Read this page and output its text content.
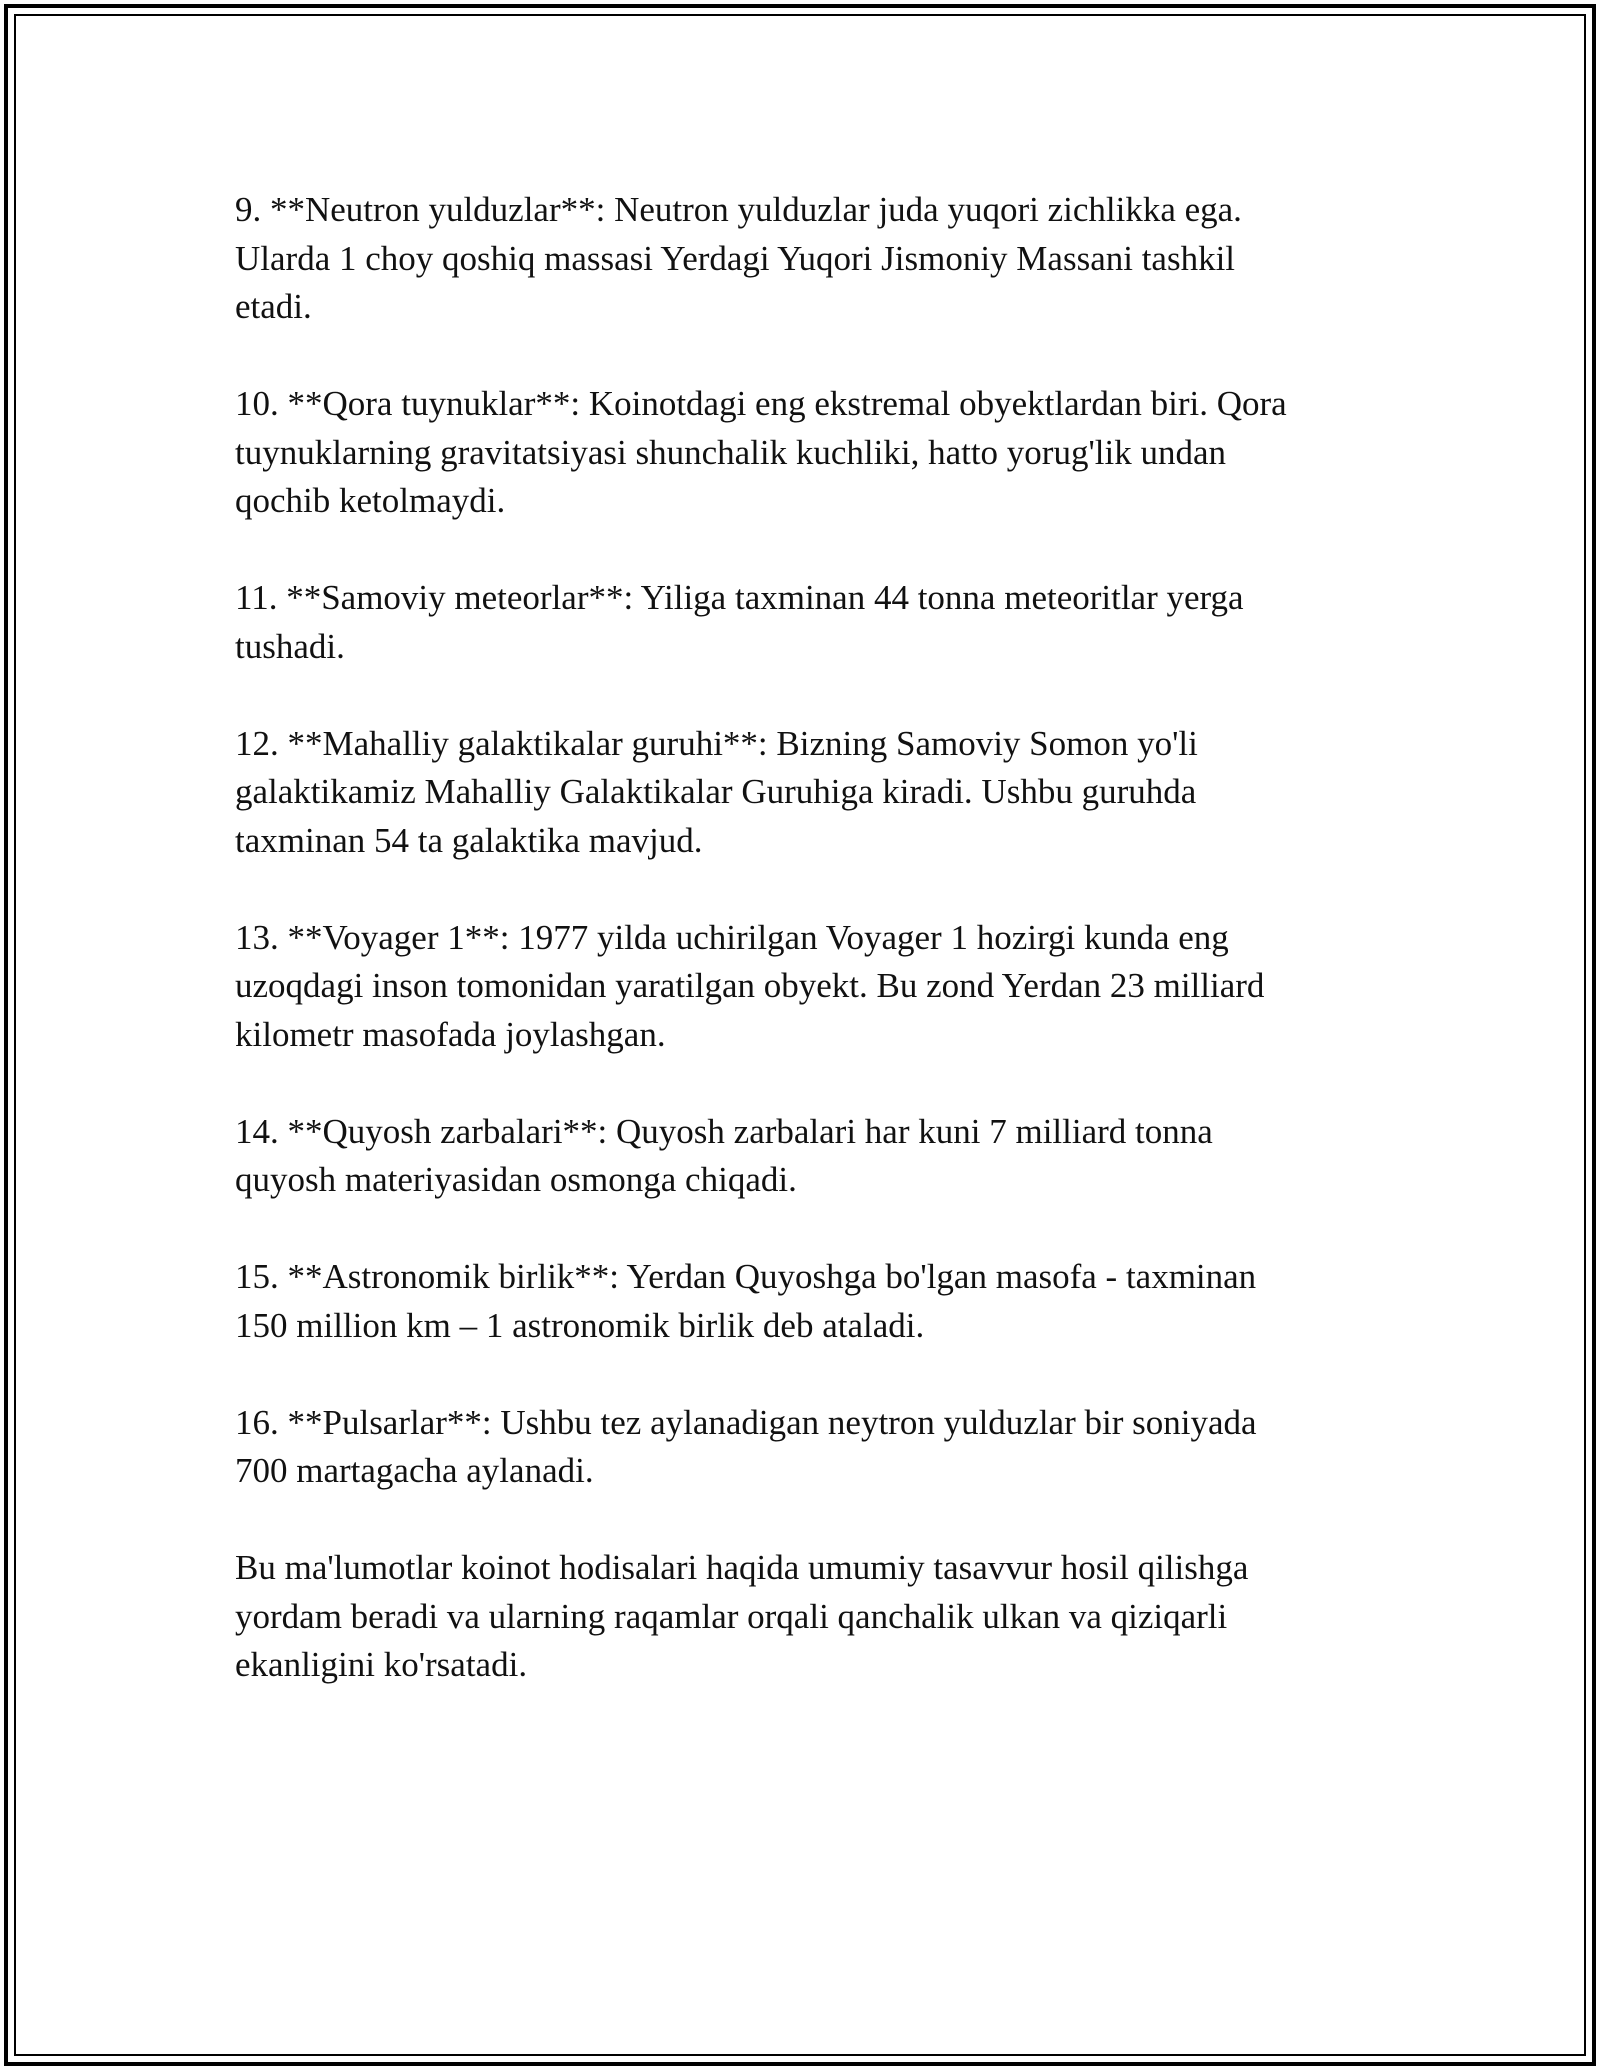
9. **Neutron yulduzlar**: Neutron yulduzlar juda yuqori zichlikka ega.
Ularda 1 choy qoshiq massasi Yerdagi Yuqori Jismoniy Massani tashkil
etadi.

10. **Qora tuynuklar**: Koinotdagi eng ekstremal obyektlardan biri. Qora
tuynuklarning gravitatsiyasi shunchalik kuchliki, hatto yorug'lik undan
qochib ketolmaydi.

11. **Samoviy meteorlar**: Yiliga taxminan 44 tonna meteoritlar yerga
tushadi.

12. **Mahalliy galaktikalar guruhi**: Bizning Samoviy Somon yo'li
galaktikamiz Mahalliy Galaktikalar Guruhiga kiradi. Ushbu guruhda
taxminan 54 ta galaktika mavjud.

13. **Voyager 1**: 1977 yilda uchirilgan Voyager 1 hozirgi kunda eng
uzoqdagi inson tomonidan yaratilgan obyekt. Bu zond Yerdan 23 milliard
kilometr masofada joylashgan.

14. **Quyosh zarbalari**: Quyosh zarbalari har kuni 7 milliard tonna
quyosh materiyasidan osmonga chiqadi.

15. **Astronomik birlik**: Yerdan Quyoshga bo'lgan masofa - taxminan
150 million km – 1 astronomik birlik deb ataladi.

16. **Pulsarlar**: Ushbu tez aylanadigan neytron yulduzlar bir soniyada
700 martagacha aylanadi.

Bu ma'lumotlar koinot hodisalari haqida umumiy tasavvur hosil qilishga
yordam beradi va ularning raqamlar orqali qanchalik ulkan va qiziqarli
ekanligini ko'rsatadi.
